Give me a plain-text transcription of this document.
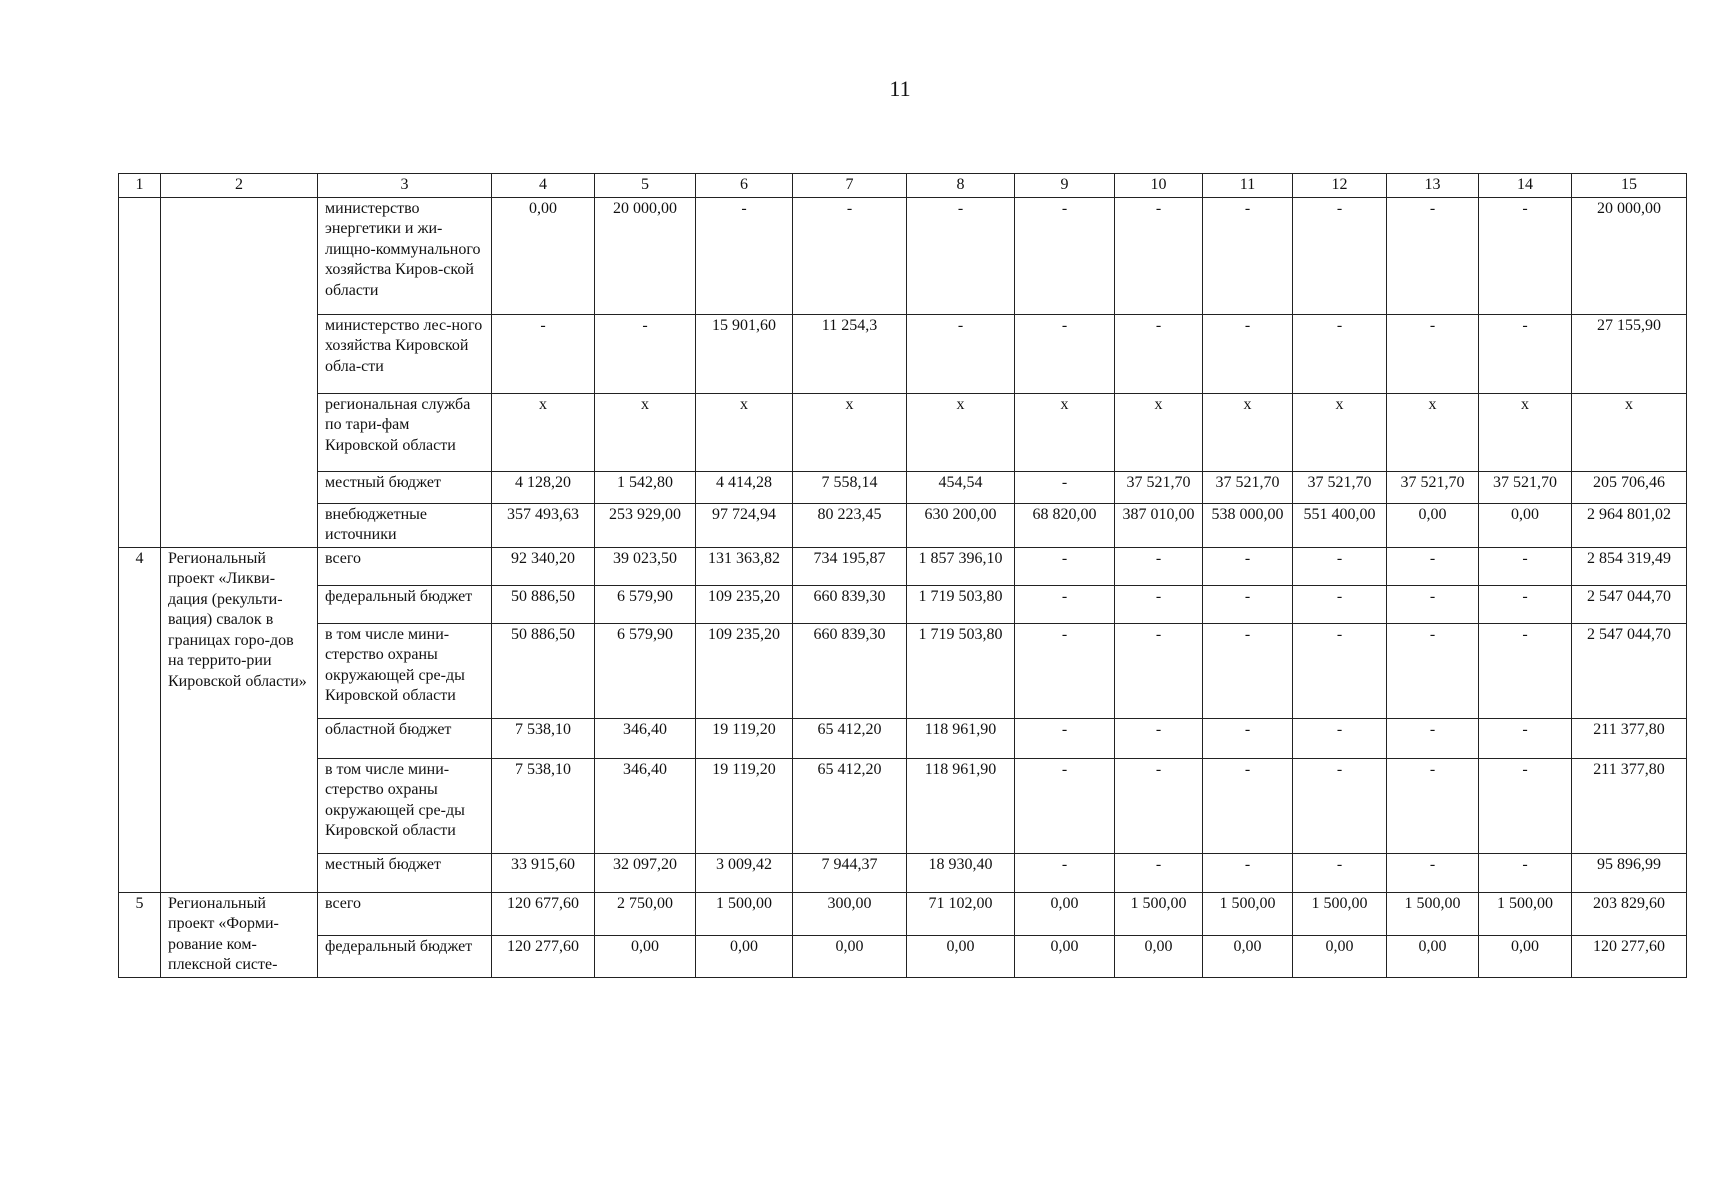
11
1	2	3	4	5	6	7	8	9	10	11	12	13	14	15
		министерство энергетики и жи-лищно-коммунального хозяйства Киров-ской области	0,00	20 000,00	-	-	-	-	-	-	-	-	-	20 000,00
		министерство лес-ного хозяйства Кировской обла-сти	-	-	15 901,60	11 254,3	-	-	-	-	-	-	-	27 155,90
		региональная служба по тари-фам Кировской области	x	x	x	x	x	x	x	x	x	x	x	x
		местный бюджет	4 128,20	1 542,80	4 414,28	7 558,14	454,54	-	37 521,70	37 521,70	37 521,70	37 521,70	37 521,70	205 706,46
		внебюджетные источники	357 493,63	253 929,00	97 724,94	80 223,45	630 200,00	68 820,00	387 010,00	538 000,00	551 400,00	0,00	0,00	2 964 801,02
4	Региональный проект «Ликви-дация (рекульти-вация) свалок в границах горо-дов на террито-рии Кировской области»	всего	92 340,20	39 023,50	131 363,82	734 195,87	1 857 396,10	-	-	-	-	-	-	2 854 319,49
		федеральный бюджет	50 886,50	6 579,90	109 235,20	660 839,30	1 719 503,80	-	-	-	-	-	-	2 547 044,70
		в том числе мини-стерство охраны окружающей сре-ды Кировской области	50 886,50	6 579,90	109 235,20	660 839,30	1 719 503,80	-	-	-	-	-	-	2 547 044,70
		областной бюджет	7 538,10	346,40	19 119,20	65 412,20	118 961,90	-	-	-	-	-	-	211 377,80
		в том числе мини-стерство охраны окружающей сре-ды Кировской области	7 538,10	346,40	19 119,20	65 412,20	118 961,90	-	-	-	-	-	-	211 377,80
		местный бюджет	33 915,60	32 097,20	3 009,42	7 944,37	18 930,40	-	-	-	-	-	-	95 896,99
5	Региональный проект «Форми-рование ком-плексной систе-	всего	120 677,60	2 750,00	1 500,00	300,00	71 102,00	0,00	1 500,00	1 500,00	1 500,00	1 500,00	1 500,00	203 829,60
		федеральный бюджет	120 277,60	0,00	0,00	0,00	0,00	0,00	0,00	0,00	0,00	0,00	0,00	120 277,60
